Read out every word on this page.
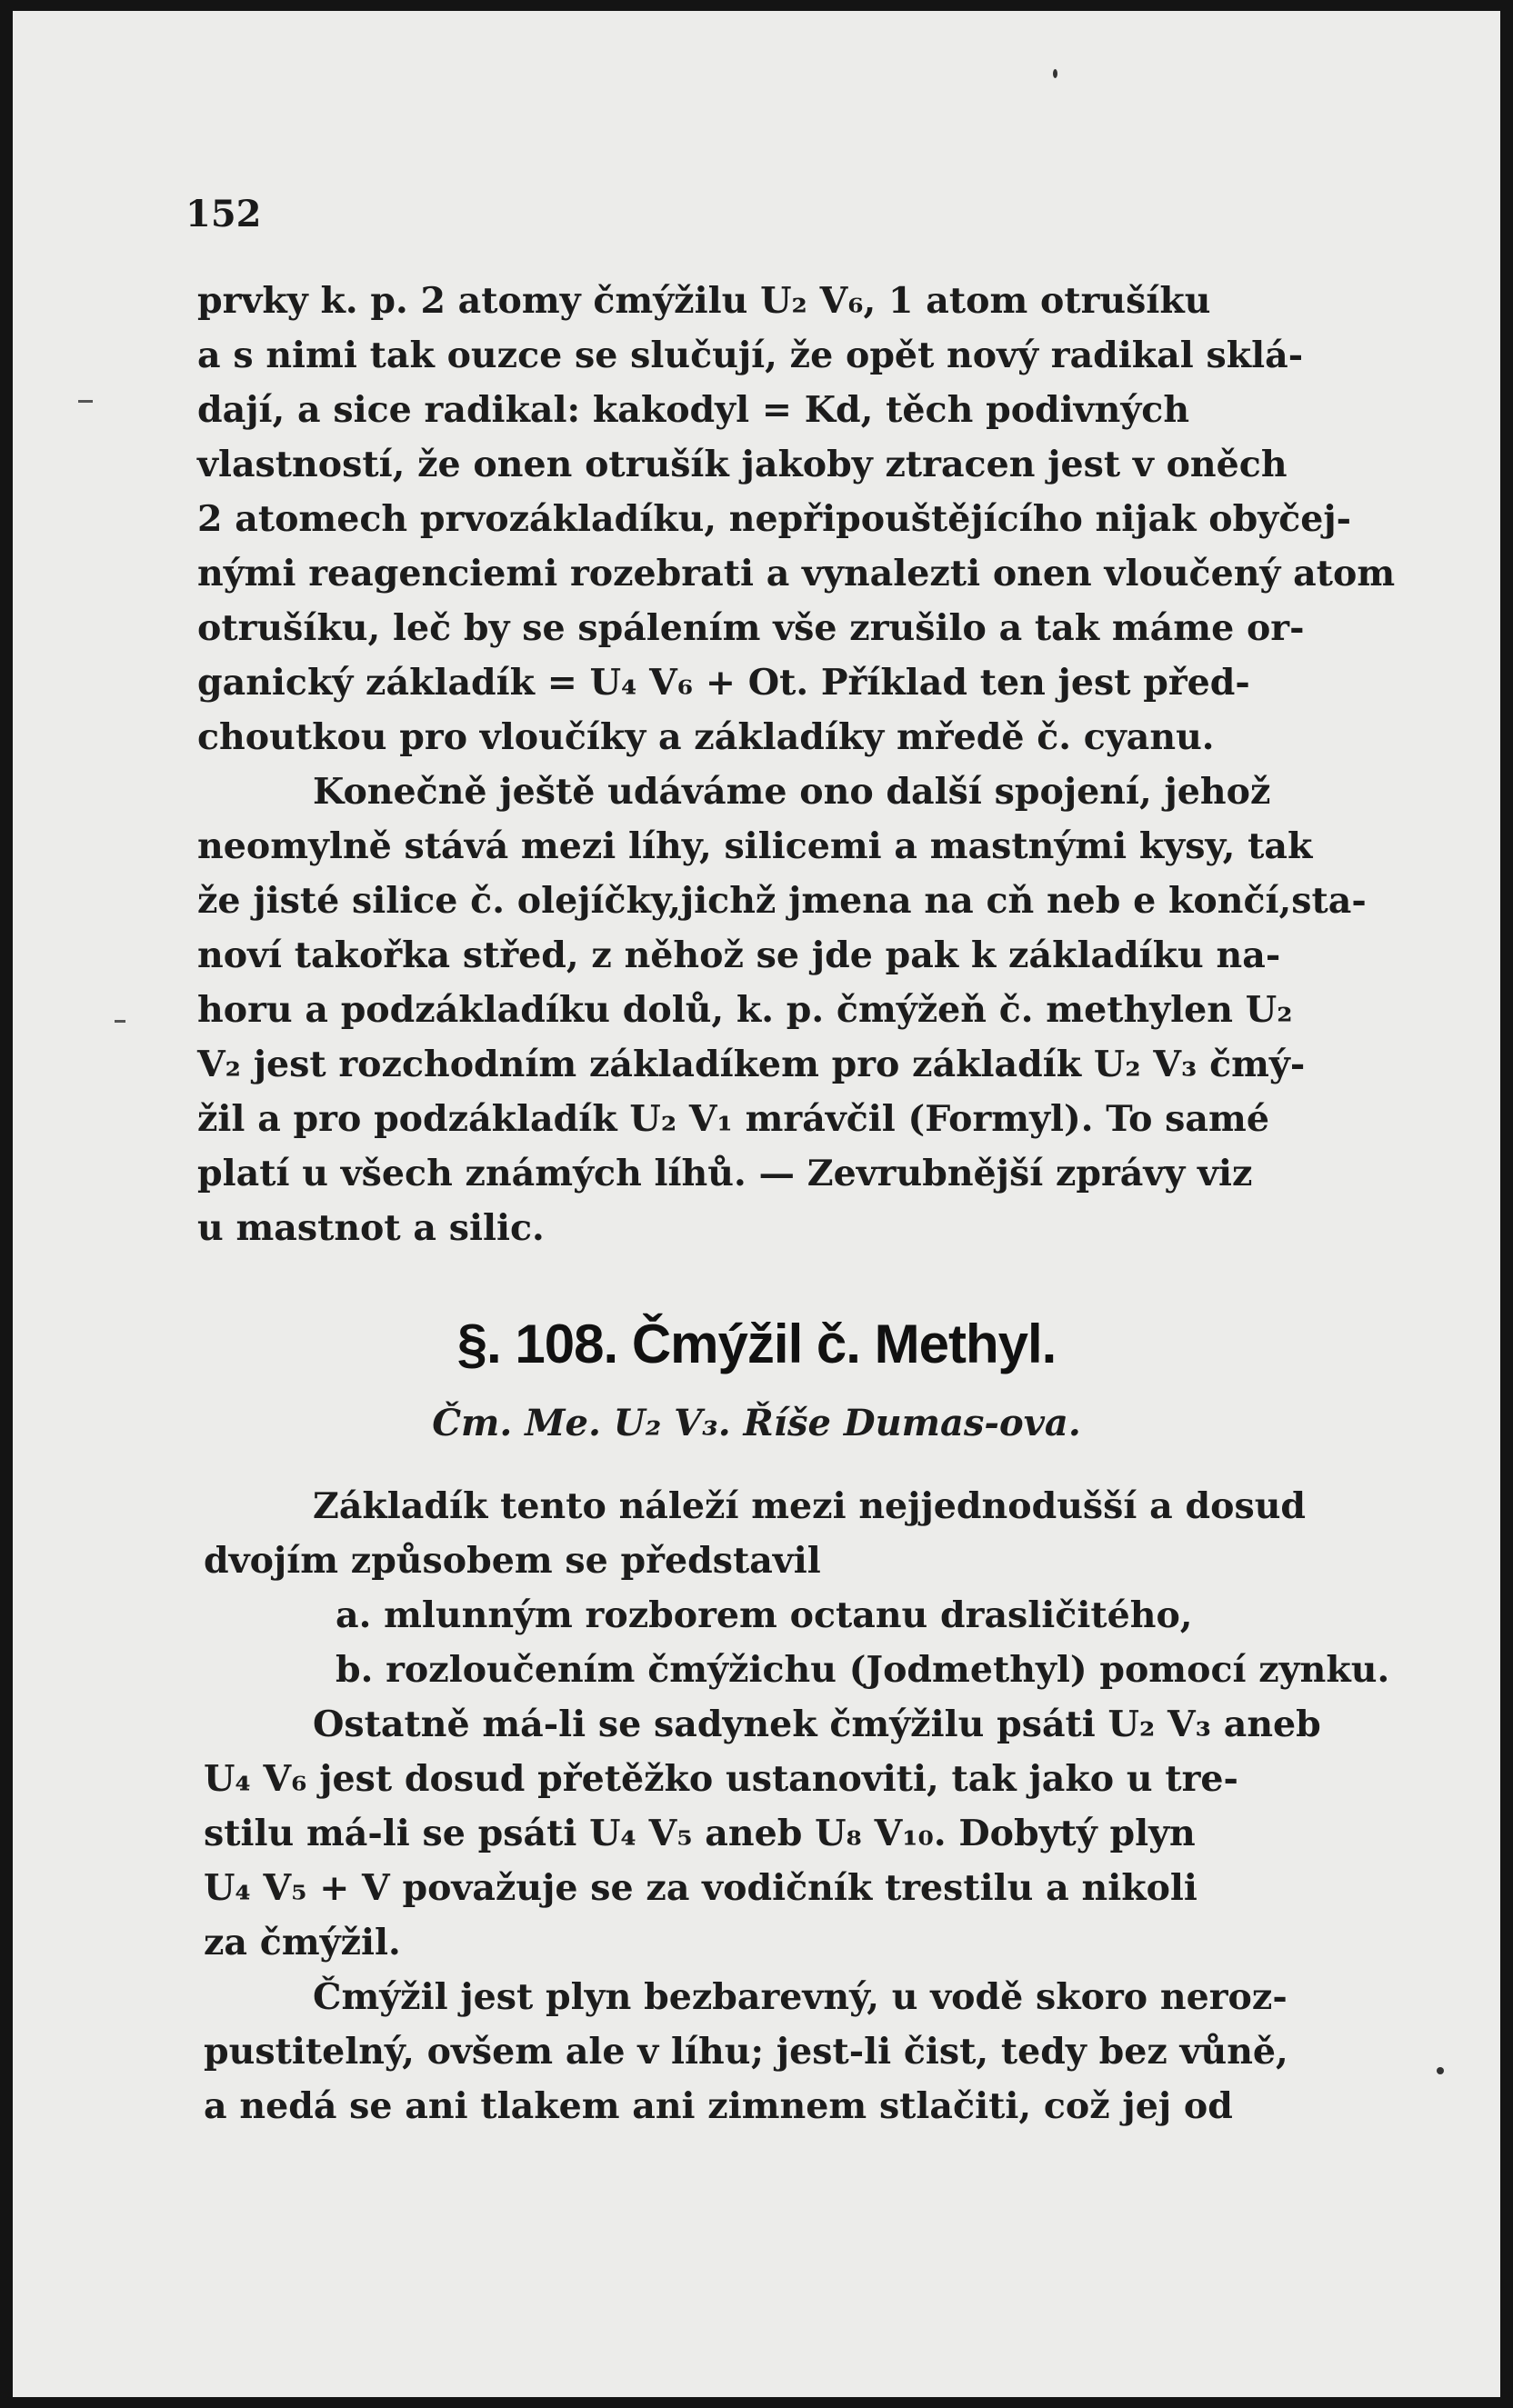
152
prvky k. p. 2 atomy čmýžilu U₂ V₆, 1 atom otrušíku
a s nimi tak ouzce se slučují, že opět nový radikal sklá-
dají, a sice radikal: kakodyl = Kd, těch podivných
vlastností, že onen otrušík jakoby ztracen jest v oněch
2 atomech prvozákladíku, nepřipouštějícího nijak obyčej-
nými reagenciemi rozebrati a vynalezti onen vloučený atom
otrušíku, leč by se spálením vše zrušilo a tak máme or-
ganický základík = U₄ V₆ + Ot. Příklad ten jest před-
choutkou pro vloučíky a základíky mředě č. cyanu.
Konečně ještě udáváme ono další spojení, jehož
neomylně stává mezi líhy, silicemi a mastnými kysy, tak
že jisté silice č. olejíčky,jichž jmena na cň neb e končí,sta-
noví takořka střed, z něhož se jde pak k základíku na-
horu a podzákladíku dolů, k. p. čmýžeň č. methylen U₂
V₂ jest rozchodním základíkem pro základík U₂ V₃ čmý-
žil a pro podzákladík U₂ V₁ mrávčil (Formyl). To samé
platí u všech známých líhů. — Zevrubnější zprávy viz
u mastnot a silic.
§. 108. Čmýžil č. Methyl.
Čm. Me. U₂ V₃. Říše Dumas-ova.
Základík tento náleží mezi nejjednodušší a dosud
dvojím způsobem se představil
a. mlunným rozborem octanu drasličitého,
b. rozloučením čmýžichu (Jodmethyl) pomocí zynku.
Ostatně má-li se sadynek čmýžilu psáti U₂ V₃ aneb
U₄ V₆ jest dosud přetěžko ustanoviti, tak jako u tre-
stilu má-li se psáti U₄ V₅ aneb U₈ V₁₀. Dobytý plyn
U₄ V₅ + V považuje se za vodičník trestilu a nikoli
za čmýžil.
Čmýžil jest plyn bezbarevný, u vodě skoro neroz-
pustitelný, ovšem ale v líhu; jest-li čist, tedy bez vůně,
a nedá se ani tlakem ani zimnem stlačiti, což jej od
